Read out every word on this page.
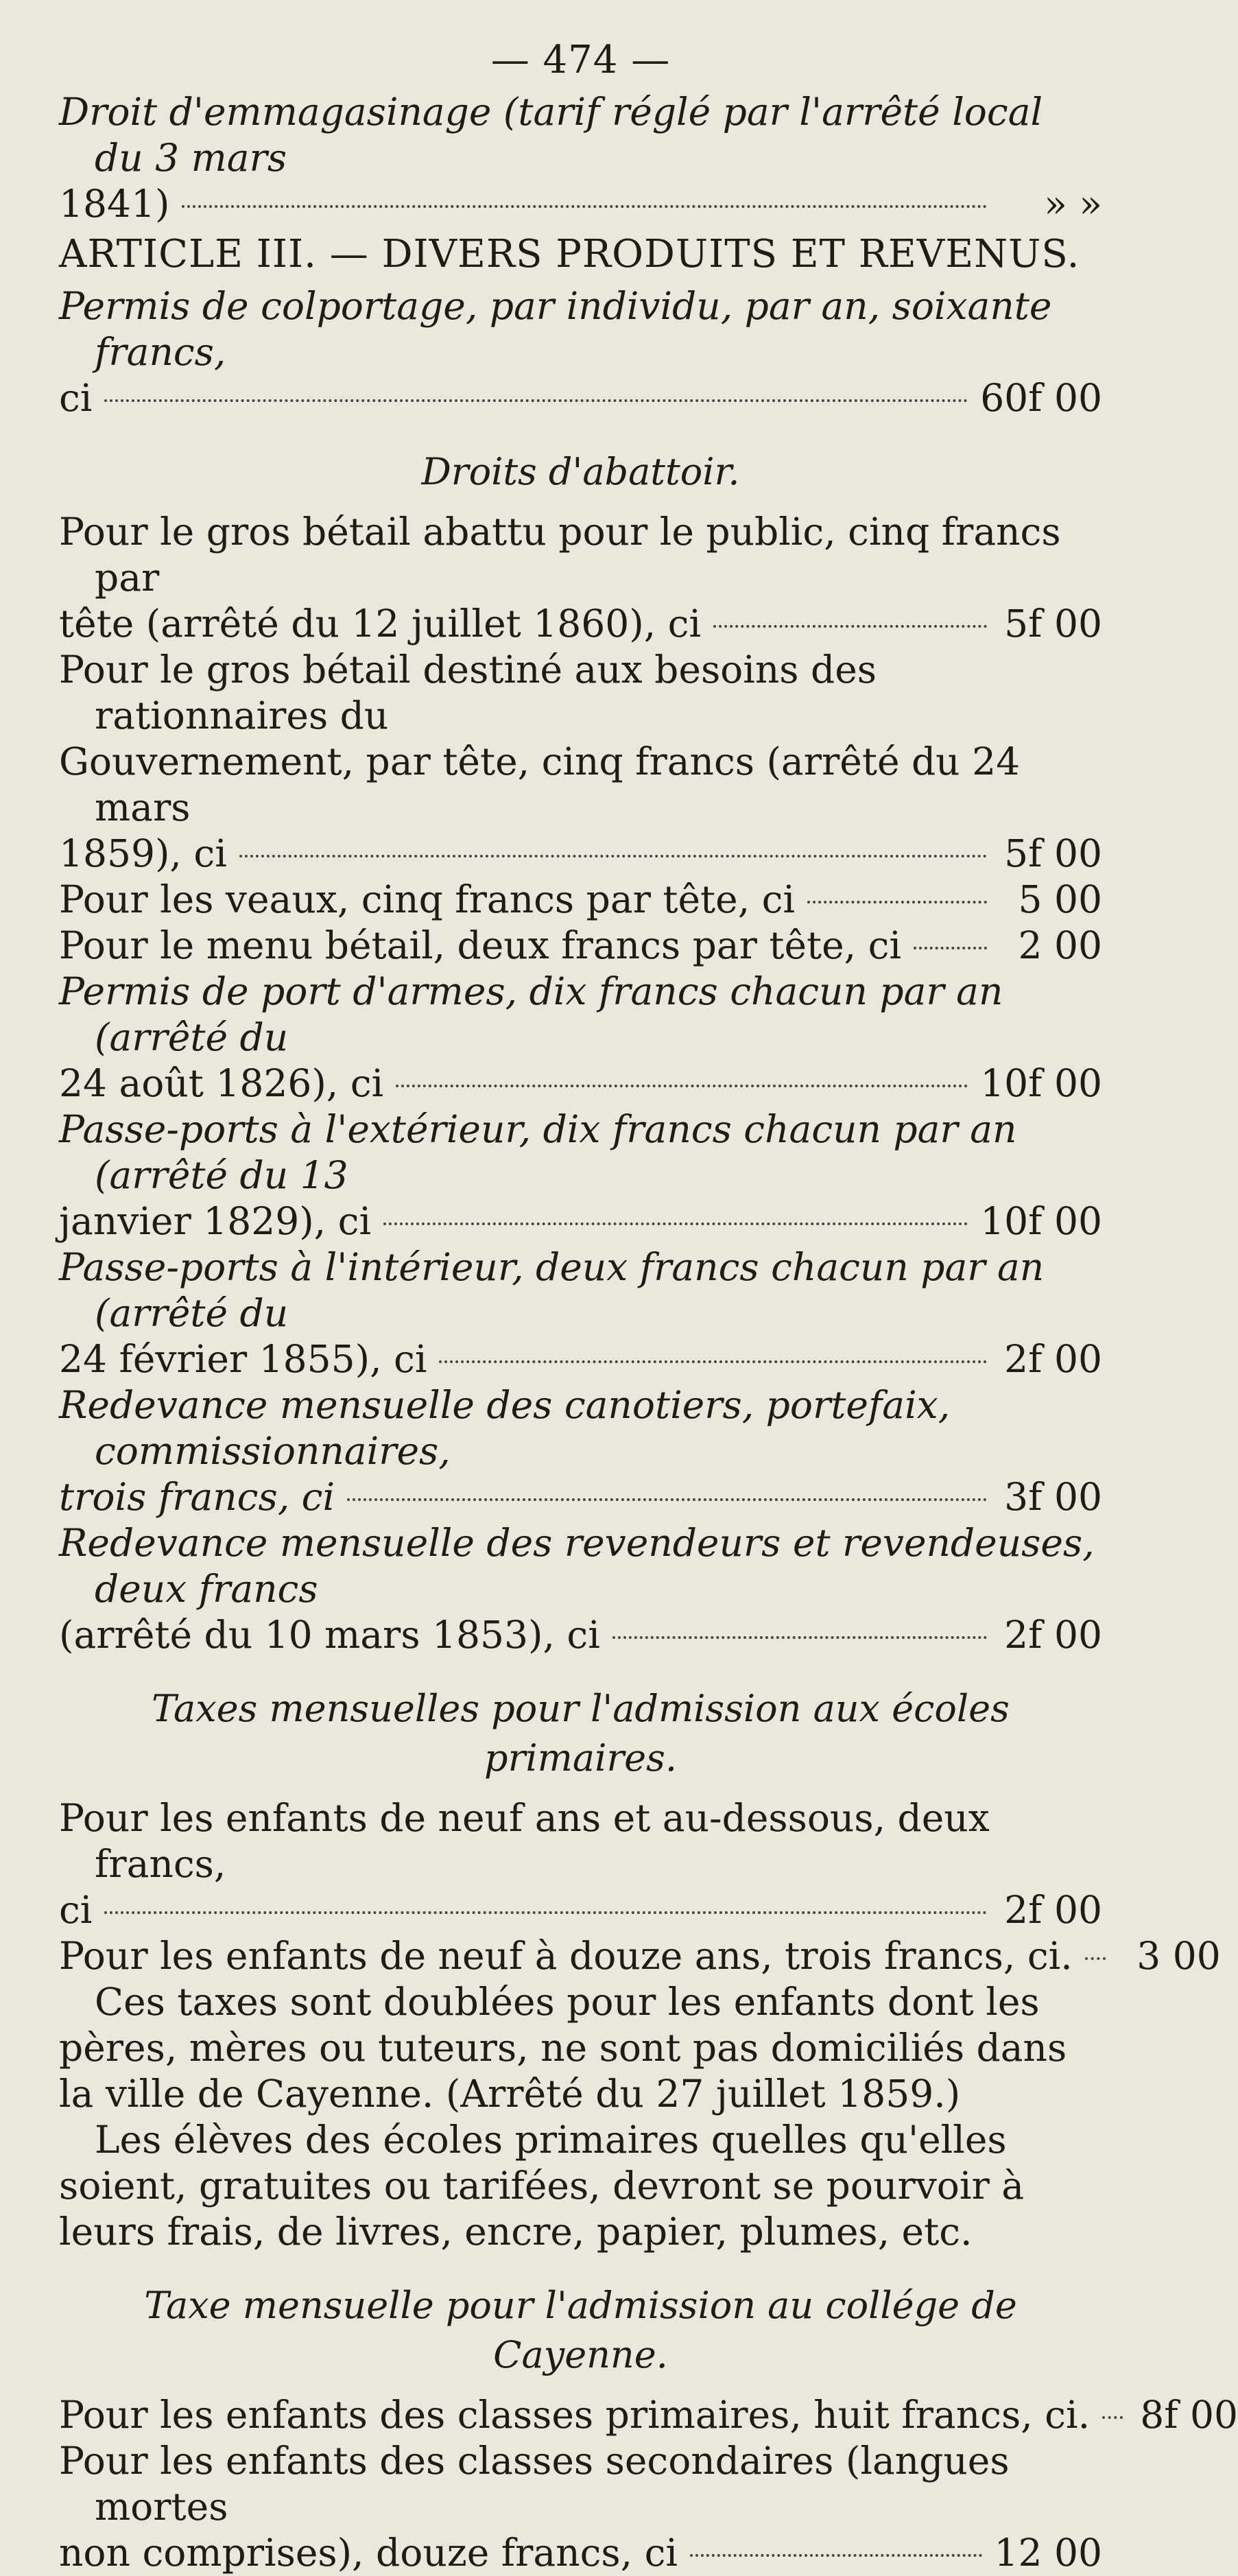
— 474 —

Droit d'emmagasinage (tarif réglé par l'arrêté local du 3 mars

1841)	» »
ARTICLE III. — DIVERS PRODUITS ET REVENUS.

Permis de colportage, par individu, par an, soixante francs,

ci	60f 00
Droits d'abattoir.

Pour le gros bétail abattu pour le public, cinq francs par

tête (arrêté du 12 juillet 1860), ci	5f 00

Pour le gros bétail destiné aux besoins des rationnaires du

Gouvernement, par tête, cinq francs (arrêté du 24 mars

1859), ci	5f 00
Pour les veaux, cinq francs par tête, ci	5 00
Pour le menu bétail, deux francs par tête, ci	2 00

Permis de port d'armes, dix francs chacun par an (arrêté du

24 août 1826), ci	10f 00

Passe-ports à l'extérieur, dix francs chacun par an (arrêté du 13

janvier 1829), ci	10f 00

Passe-ports à l'intérieur, deux francs chacun par an (arrêté du

24 février 1855), ci	2f 00

Redevance mensuelle des canotiers, portefaix, commissionnaires,

trois francs, ci	3f 00

Redevance mensuelle des revendeurs et revendeuses, deux francs

(arrêté du 10 mars 1853), ci	2f 00
Taxes mensuelles pour l'admission aux écoles primaires.

Pour les enfants de neuf ans et au-dessous, deux francs,

ci	2f 00
Pour les enfants de neuf à douze ans, trois francs, ci.	3 00

Ces taxes sont doublées pour les enfants dont les pères, mères ou tuteurs, ne sont pas domiciliés dans la ville de Cayenne. (Arrêté du 27 juillet 1859.)

Les élèves des écoles primaires quelles qu'elles soient, gratuites ou tarifées, devront se pourvoir à leurs frais, de livres, encre, papier, plumes, etc.

Taxe mensuelle pour l'admission au collége de Cayenne.
Pour les enfants des classes primaires, huit francs, ci. 8f 00

Pour les enfants des classes secondaires (langues mortes

non comprises), douze francs, ci	12 00
